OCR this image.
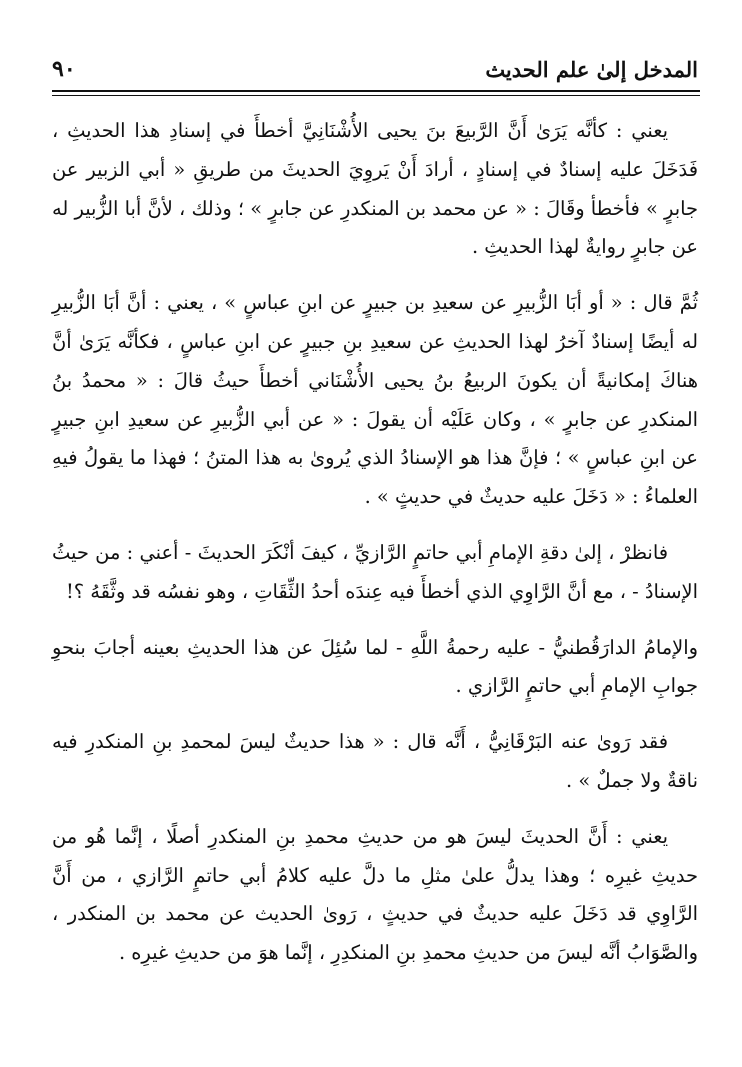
٩٠	المدخل إلىٰ علم الحديث

يعني : كأنَّه يَرَىٰ أَنَّ الرَّبيعَ بنَ يحيى الأُشْنَانِيَّ أخطأَ في إسنادِ هذا الحديثِ ، فَدَخَلَ عليه إسنادٌ في إسنادٍ ، أرادَ أَنْ يَروِيَ الحديثَ من طريقِ « أبي الزبير عن جابرٍ » فأخطأ وقَالَ : « عن محمد بن المنكدرِ عن جابرٍ » ؛ وذلك ، لأنَّ أبا الزُّبير له عن جابرٍ روايةٌ لهذا الحديثِ .

ثُمَّ قال : « أو أبَا الزُّبيرِ عن سعيدِ بن جبيرٍ عن ابنِ عباسٍ » ، يعني : أنَّ أبَا الزُّبيرِ له أيضًا إسنادٌ آخرُ لهذا الحديثِ عن سعيدِ بنِ جبيرٍ عن ابنِ عباسٍ ، فكأنَّه يَرَىٰ أنَّ هناكَ إمكانيةً أن يكونَ الربيعُ بنُ يحيى الأُشْنَاني أخطأَ حيثُ قالَ : « محمدُ بنُ المنكدرِ عن جابرٍ » ، وكان عَلَيْه أن يقولَ : « عن أبي الزُّبيرِ عن سعيدِ ابنِ جبيرٍ عن ابنِ عباسٍ » ؛ فإنَّ هذا هو الإسنادُ الذي يُروىٰ به هذا المتنُ ؛ فهذا ما يقولُ فيهِ العلماءُ : « دَخَلَ عليه حديثٌ في حديثٍ » .

فانظرْ ، إلىٰ دقةِ الإمامِ أبي حاتمٍ الرَّازيِّ ، كيفَ أنْكَرَ الحديثَ - أعني : من حيثُ الإسنادُ - ، مع أنَّ الرَّاوِي الذي أخطأَ فيه عِندَه أحدُ الثِّقَاتِ ، وهو نفسُه قد وثَّقَهُ ؟!

والإمامُ الدارَقُطنيُّ - عليه رحمةُ اللَّهِ - لما سُئِلَ عن هذا الحديثِ بعينه أجابَ بنحوِ جوابِ الإمامِ أبي حاتمٍ الرَّازي .

فقد رَوىٰ عنه البَرْقَانِيُّ ، أَنَّه قال : « هذا حديثٌ ليسَ لمحمدِ بنِ المنكدرِ فيه ناقةٌ ولا جملٌ » .

يعني : أَنَّ الحديثَ ليسَ هو من حديثِ محمدِ بنِ المنكدرِ أصلًا ، إنَّما هُو من حديثِ غيرِه ؛ وهذا يدلُّ علىٰ مثلِ ما دلَّ عليه كلامُ أبي حاتمٍ الرَّازي ، من أَنَّ الرَّاوِي قد دَخَلَ عليه حديثٌ في حديثٍ ، رَوىٰ الحديث عن محمد بن المنكدر ، والصَّوَابُ أنَّه ليسَ من حديثِ محمدِ بنِ المنكدِرِ ، إنَّما هوَ من حديثِ غيرِه .
